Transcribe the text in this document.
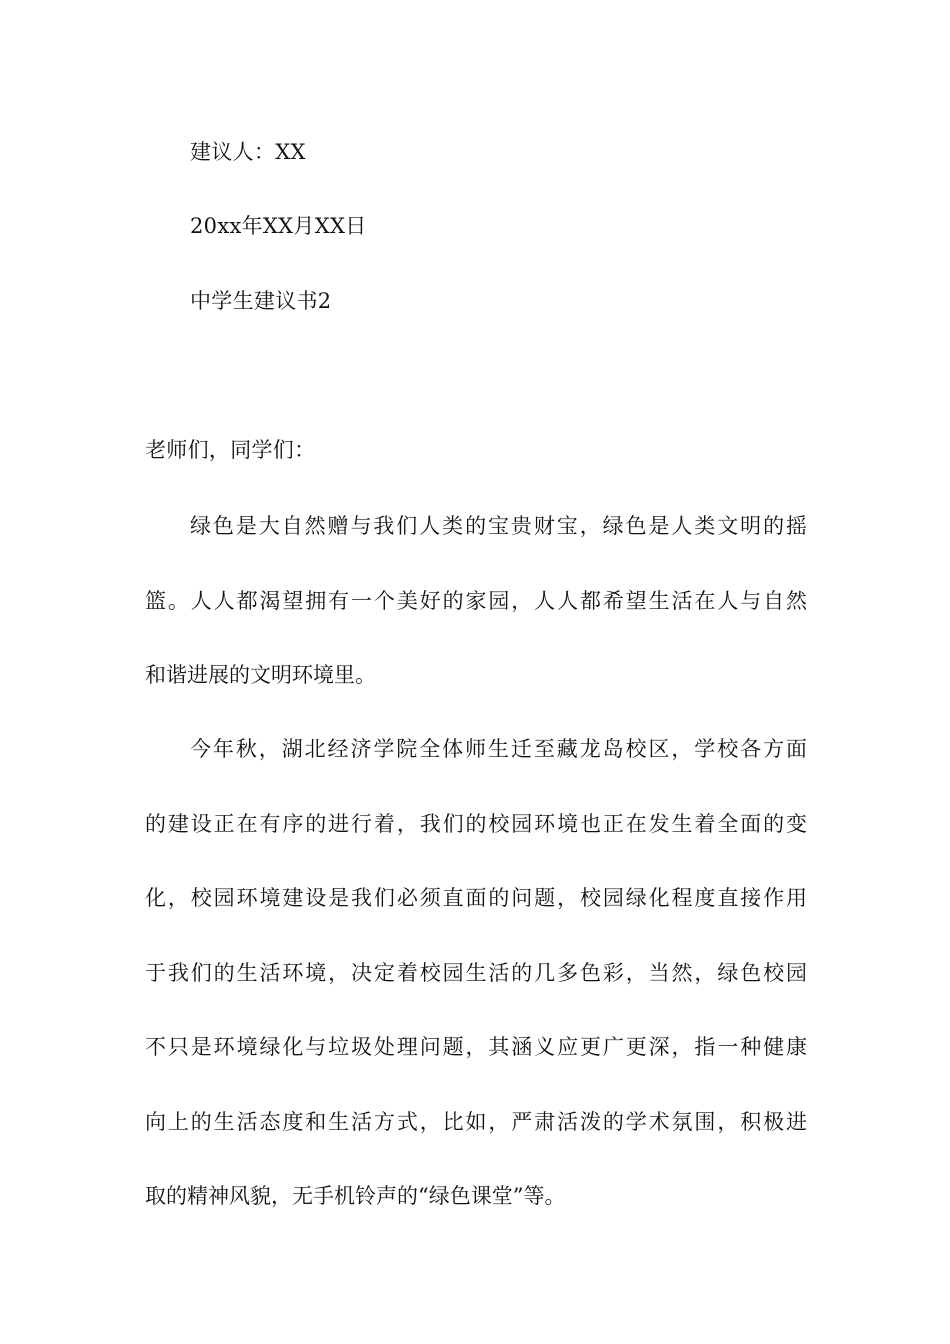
建议人：XX
20xx年XX月XX日
中学生建议书2
老师们，同学们：
绿色是大自然赠与我们人类的宝贵财宝，绿色是人类文明的摇
篮。人人都渴望拥有一个美好的家园，人人都希望生活在人与自然
和谐进展的文明环境里。
今年秋，湖北经济学院全体师生迁至藏龙岛校区，学校各方面
的建设正在有序的进行着，我们的校园环境也正在发生着全面的变
化，校园环境建设是我们必须直面的问题，校园绿化程度直接作用
于我们的生活环境，决定着校园生活的几多色彩，当然，绿色校园
不只是环境绿化与垃圾处理问题，其涵义应更广更深，指一种健康
向上的生活态度和生活方式，比如，严肃活泼的学术氛围，积极进
取的精神风貌，无手机铃声的“绿色课堂”等。
